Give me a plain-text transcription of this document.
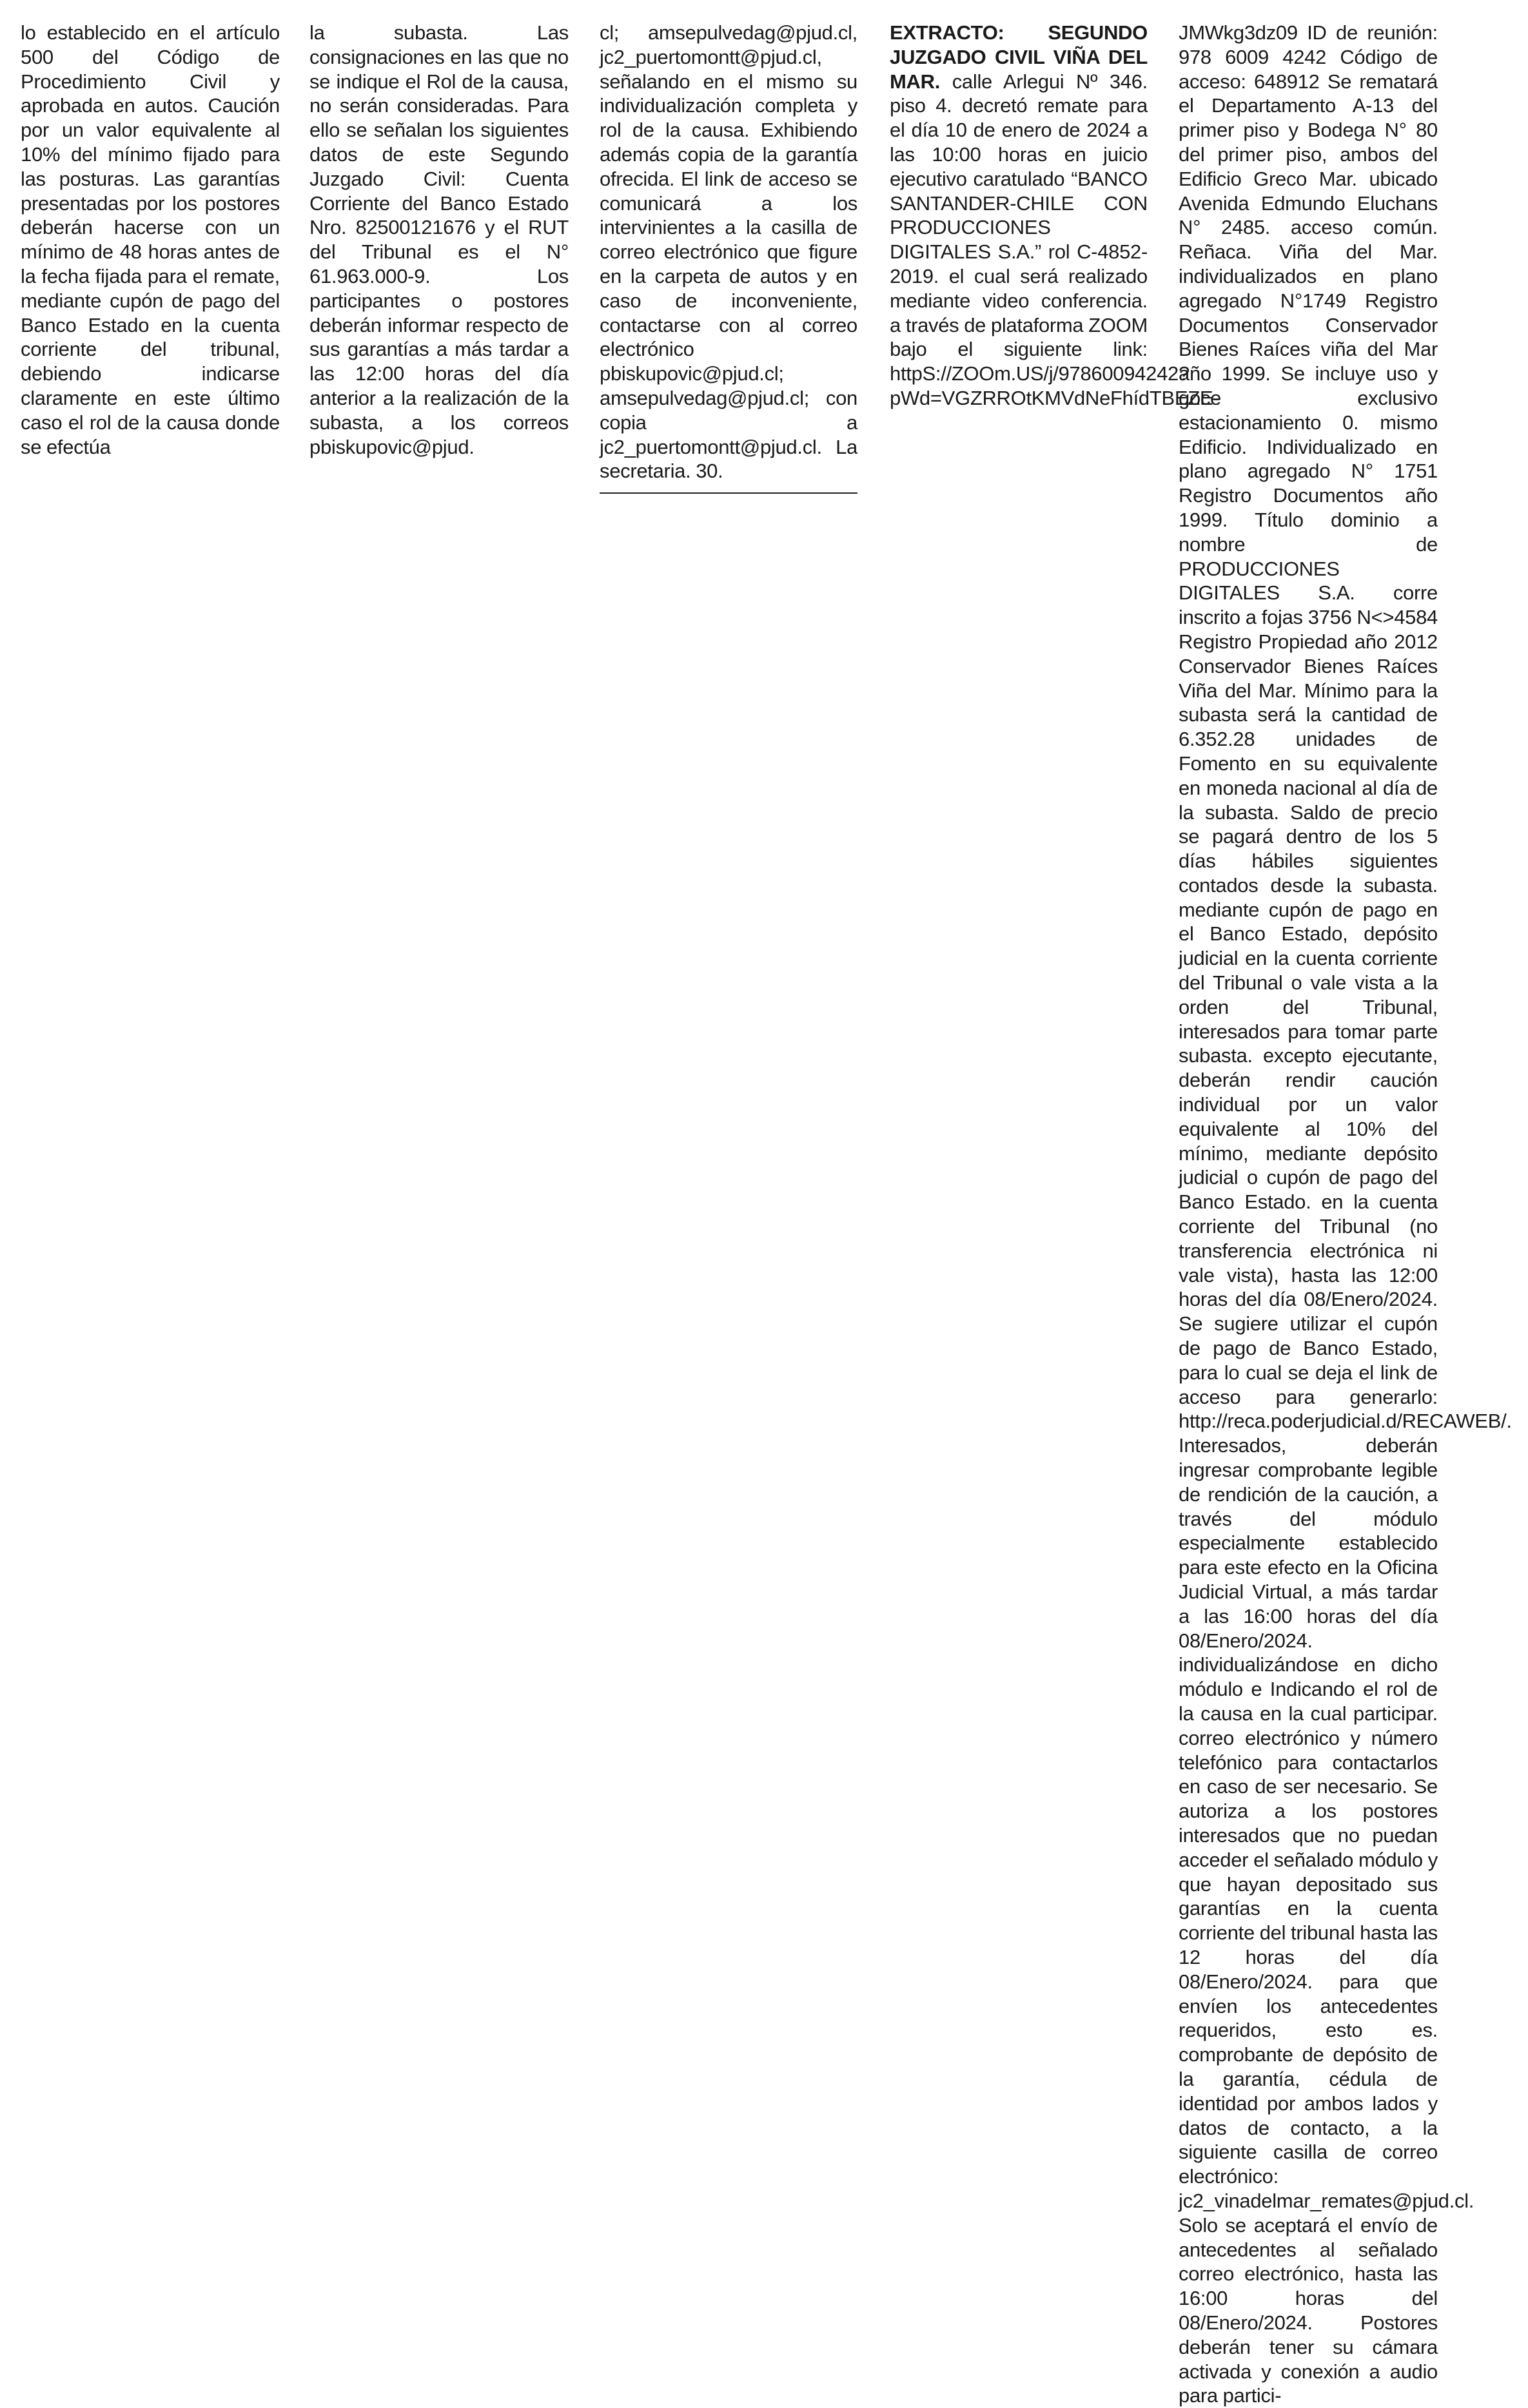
lo establecido en el artículo 500 del Código de Procedimiento Civil y aprobada en autos. Caución por un valor equivalente al 10% del mínimo fijado para las posturas. Las garantías presentadas por los postores deberán hacerse con un mínimo de 48 horas antes de la fecha fijada para el remate, mediante cupón de pago del Banco Estado en la cuenta corriente del tribunal, debiendo indicarse claramente en este último caso el rol de la causa donde se efectúa

la subasta. Las consignaciones en las que no se indique el Rol de la causa, no serán consideradas. Para ello se señalan los siguientes datos de este Segundo Juzgado Civil: Cuenta Corriente del Banco Estado Nro. 82500121676 y el RUT del Tribunal es el N° 61.963.000-9. Los participantes o postores deberán informar respecto de sus garantías a más tardar a las 12:00 horas del día anterior a la realización de la subasta, a los correos pbiskupovic@pjud.

cl; amsepulvedag@pjud.cl, jc2_puertomontt@pjud.cl, señalando en el mismo su individualización completa y rol de la causa. Exhibiendo además copia de la garantía ofrecida. El link de acceso se comunicará a los intervinientes a la casilla de correo electrónico que figure en la carpeta de autos y en caso de inconveniente, contactarse con al correo electrónico pbiskupovic@pjud.cl; amsepulvedag@pjud.cl; con copia a jc2_puertomontt@pjud.cl. La secretaria. 30.

EXTRACTO: SEGUNDO JUZGADO CIVIL VIÑA DEL MAR. calle Arlegui Nº 346. piso 4. decretó remate para el día 10 de enero de 2024 a las 10:00 horas en juicio ejecutivo caratulado “BANCO SANTANDER-CHILE CON PRODUCCIONES DIGITALES S.A.” rol C-4852-2019. el cual será realizado mediante video conferencia. a través de plataforma ZOOM bajo el siguiente link: httpS://ZOOm.US/j/97860094242?pWd=VGZRROtKMVdNeFhídTBEZE-

JMWkg3dz09 ID de reunión: 978 6009 4242 Código de acceso: 648912 Se rematará el Departamento A-13 del primer piso y Bodega N° 80 del primer piso, ambos del Edificio Greco Mar. ubicado Avenida Edmundo Eluchans N° 2485. acceso común. Reñaca. Viña del Mar. individualizados en plano agregado N°1749 Registro Documentos Conservador Bienes Raíces viña del Mar año 1999. Se incluye uso y goce exclusivo estacionamiento 0. mismo Edificio. Individualizado en plano agregado N° 1751 Registro Documentos año 1999. Título dominio a nombre de PRODUCCIONES DIGITALES S.A. corre inscrito a fojas 3756 N<>4584 Registro Propiedad año 2012 Conservador Bienes Raíces Viña del Mar. Mínimo para la subasta será la cantidad de 6.352.28 unidades de Fomento en su equivalente en moneda nacional al día de la subasta. Saldo de precio se pagará dentro de los 5 días hábiles siguientes contados desde la subasta. mediante cupón de pago en el Banco Estado, depósito judicial en la cuenta corriente del Tribunal o vale vista a la orden del Tribunal, interesados para tomar parte subasta. excepto ejecutante, deberán rendir caución individual por un valor equivalente al 10% del mínimo, mediante depósito judicial o cupón de pago del Banco Estado. en la cuenta corriente del Tribunal (no transferencia electrónica ni vale vista), hasta las 12:00 horas del día 08/Enero/2024. Se sugiere utilizar el cupón de pago de Banco Estado, para lo cual se deja el link de acceso para generarlo: http://reca.poderjudicial.d/RECAWEB/. Interesados, deberán ingresar comprobante legible de rendición de la caución, a través del módulo especialmente establecido para este efecto en la Oficina Judicial Virtual, a más tardar a las 16:00 horas del día 08/Enero/2024. individualizándose en dicho módulo e Indicando el rol de la causa en la cual participar. correo electrónico y número telefónico para contactarlos en caso de ser necesario. Se autoriza a los postores interesados que no puedan acceder el señalado módulo y que hayan depositado sus garantías en la cuenta corriente del tribunal hasta las 12 horas del día 08/Enero/2024. para que envíen los antecedentes requeridos, esto es. comprobante de depósito de la garantía, cédula de identidad por ambos lados y datos de contacto, a la siguiente casilla de correo electrónico: jc2_vinadelmar_remates@pjud.cl. Solo se aceptará el envío de antecedentes al señalado correo electrónico, hasta las 16:00 horas del 08/Enero/2024. Postores deberán tener su cámara activada y conexión a audio para partici-
